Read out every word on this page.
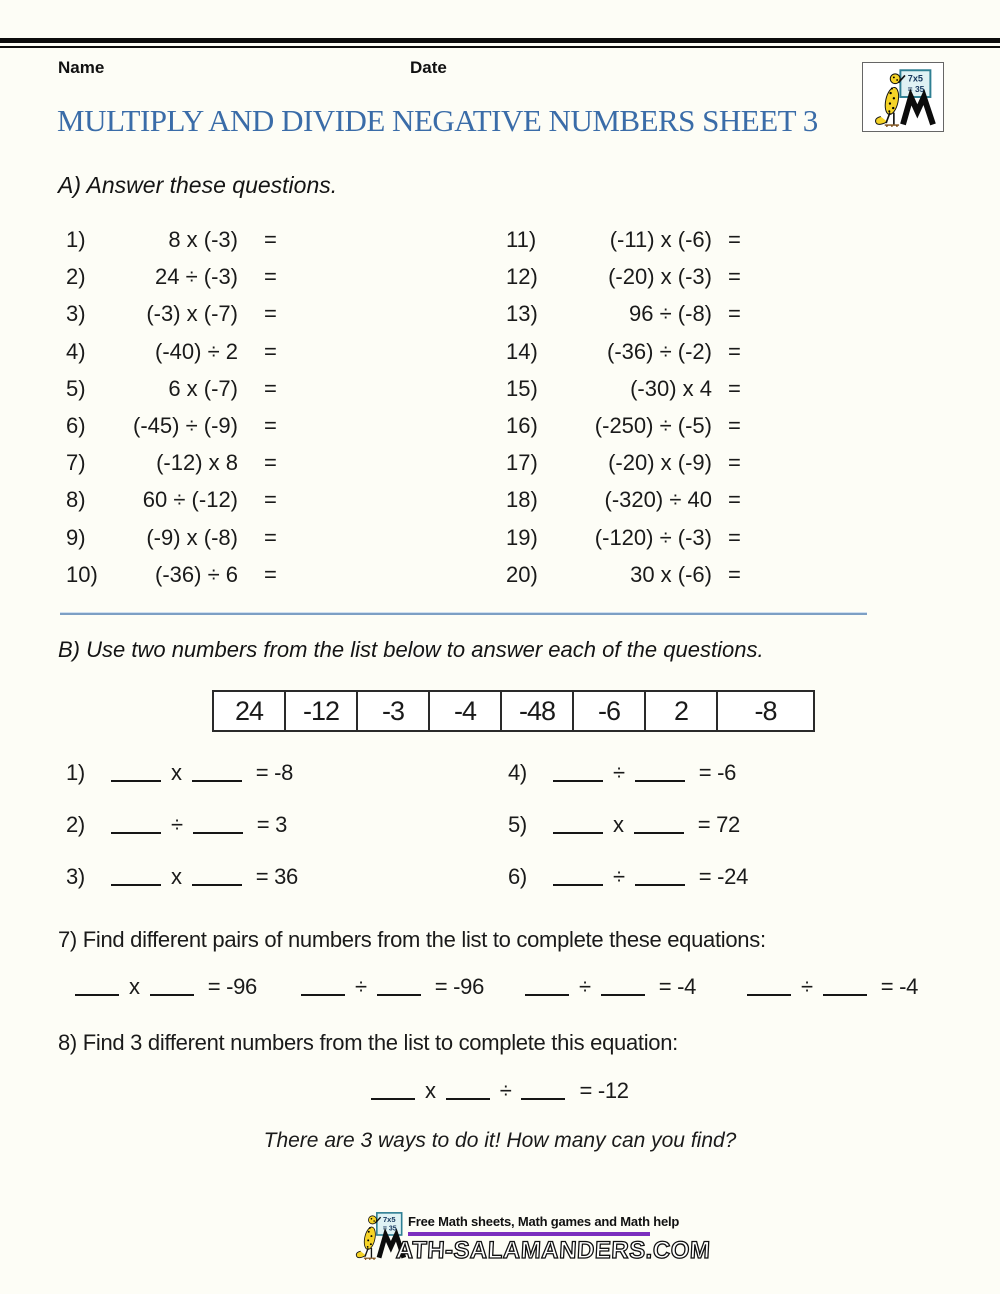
Name	Date
7x5
= 35
MULTIPLY AND DIVIDE NEGATIVE NUMBERS SHEET 3
A) Answer these questions.
1)	8 x (-3) =
2)	24 ÷ (-3) =
3)	(-3) x (-7) =
4)	(-40) ÷ 2 =
5)	6 x (-7) =
6)	(-45) ÷ (-9) =
7)	(-12) x 8 =
8)	60 ÷ (-12) =
9)	(-9) x (-8) =
10)	(-36) ÷ 6 =
11)	(-11) x (-6) =
12)	(-20) x (-3) =
13)	96 ÷ (-8) =
14)	(-36) ÷ (-2) =
15)	(-30) x 4 =
16)	(-250) ÷ (-5) =
17)	(-20) x (-9) =
18)	(-320) ÷ 40 =
19)	(-120) ÷ (-3) =
20)	30 x (-6) =
B) Use two numbers from the list below to answer each of the questions.
24	-12	-3	-4	-48	-6	2	-8
1)	x	= -8
2)	÷	= 3
3)	x	= 36
4)	÷	= -6
5)	x	= 72
6)	÷	= -24
7) Find different pairs of numbers from the list to complete these equations:
x	= -96	÷	= -96	÷	= -4	÷	= -4
8) Find 3 different numbers from the list to complete this equation:
x	÷	= -12
There are 3 ways to do it! How many can you find?
7x5
= 35
Free Math sheets, Math games and Math help
ATH-SALAMANDERS.COM
